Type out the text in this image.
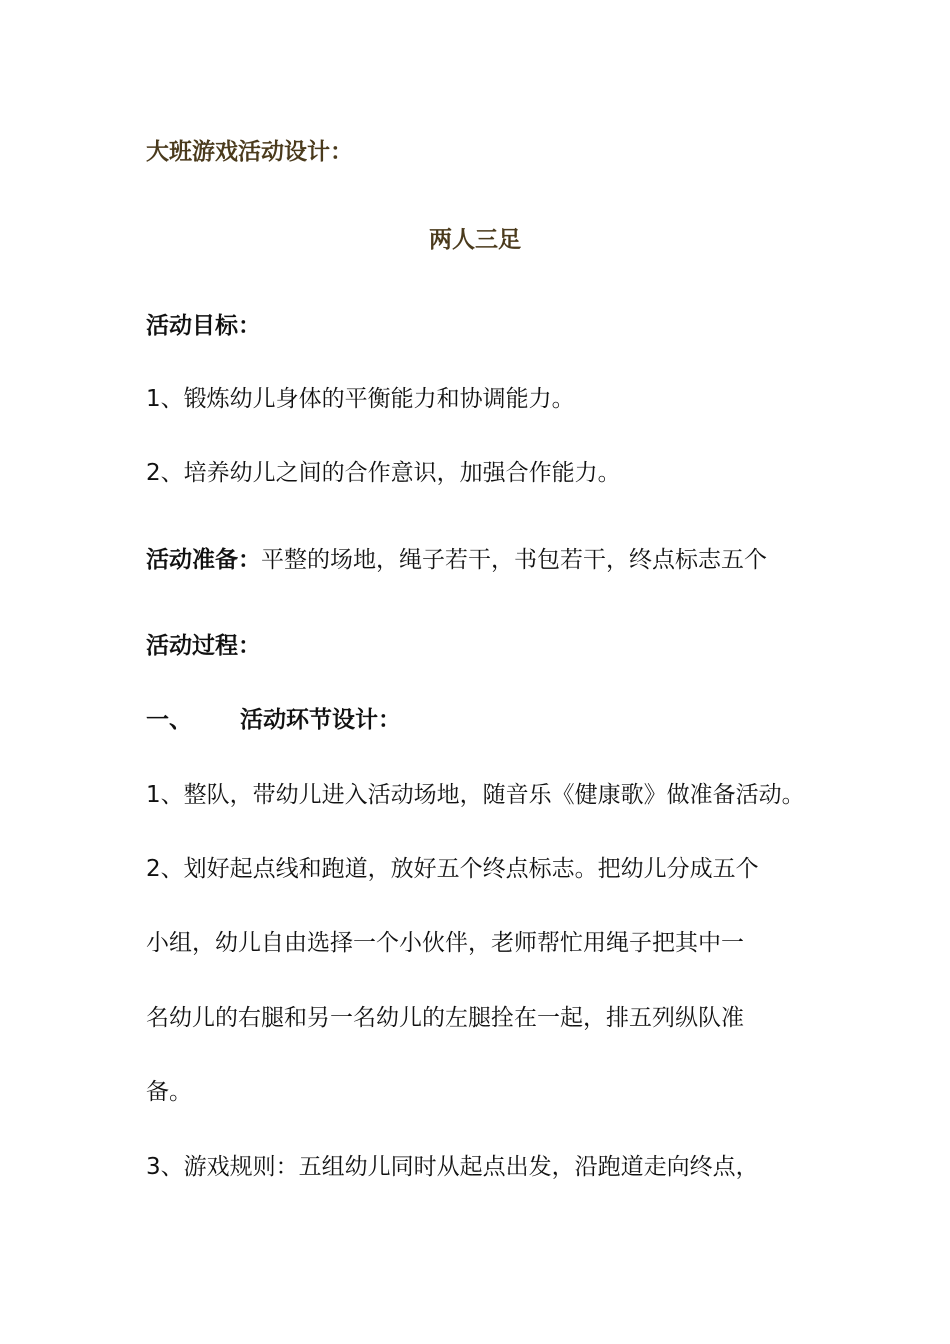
大班游戏活动设计：
两人三足
活动目标：
1、锻炼幼儿身体的平衡能力和协调能力。
2、培养幼儿之间的合作意识，加强合作能力。
活动准备：平整的场地，绳子若干，书包若干，终点标志五个
活动过程：
一、 活动环节设计：
1、整队，带幼儿进入活动场地，随音乐《健康歌》做准备活动。
2、划好起点线和跑道，放好五个终点标志。把幼儿分成五个
小组，幼儿自由选择一个小伙伴，老师帮忙用绳子把其中一
名幼儿的右腿和另一名幼儿的左腿拴在一起，排五列纵队准
备。
3、游戏规则：五组幼儿同时从起点出发，沿跑道走向终点，
